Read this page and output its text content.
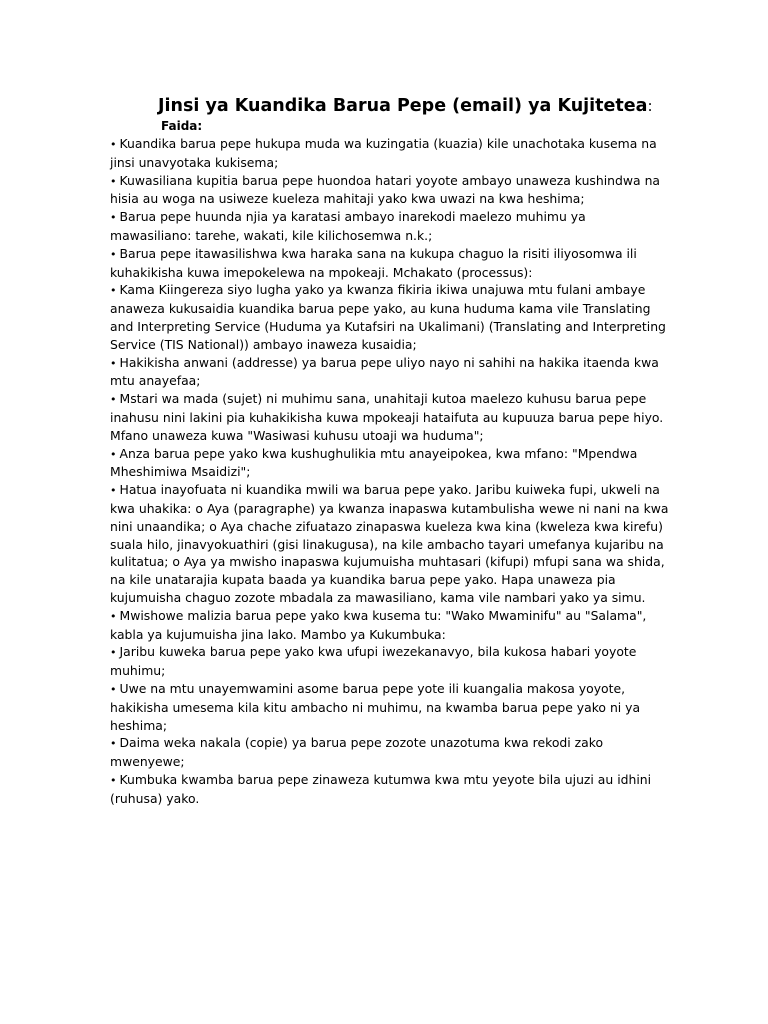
Jinsi ya Kuandika Barua Pepe (email) ya Kujitetea:
Faida:
• Kuandika barua pepe hukupa muda wa kuzingatia (kuazia) kile unachotaka kusema na jinsi unavyotaka kukisema;
• Kuwasiliana kupitia barua pepe huondoa hatari yoyote ambayo unaweza kushindwa na hisia au woga na usiweze kueleza mahitaji yako kwa uwazi na kwa heshima;
• Barua pepe huunda njia ya karatasi ambayo inarekodi maelezo muhimu ya mawasiliano: tarehe, wakati, kile kilichosemwa n.k.;
• Barua pepe itawasilishwa kwa haraka sana na kukupa chaguo la risiti iliyosomwa ili kuhakikisha kuwa imepokelewa na mpokeaji. Mchakato (processus):
• Kama Kiingereza siyo lugha yako ya kwanza fikiria ikiwa unajuwa mtu fulani ambaye anaweza kukusaidia kuandika barua pepe yako, au kuna huduma kama vile Translating and Interpreting Service (Huduma ya Kutafsiri na Ukalimani) (Translating and Interpreting Service (TIS National)) ambayo inaweza kusaidia;
• Hakikisha anwani (addresse) ya barua pepe uliyo nayo ni sahihi na hakika itaenda kwa mtu anayefaa;
• Mstari wa mada (sujet) ni muhimu sana, unahitaji kutoa maelezo kuhusu barua pepe inahusu nini lakini pia kuhakikisha kuwa mpokeaji hataifuta au kupuuza barua pepe hiyo. Mfano unaweza kuwa "Wasiwasi kuhusu utoaji wa huduma";
• Anza barua pepe yako kwa kushughulikia mtu anayeipokea, kwa mfano: "Mpendwa Mheshimiwa Msaidizi";
• Hatua inayofuata ni kuandika mwili wa barua pepe yako. Jaribu kuiweka fupi, ukweli na kwa uhakika: o Aya (paragraphe) ya kwanza inapaswa kutambulisha wewe ni nani na kwa nini unaandika; o Aya chache zifuatazo zinapaswa kueleza kwa kina (kweleza kwa kirefu) suala hilo, jinavyokuathiri (gisi linakugusa), na kile ambacho tayari umefanya kujaribu na kulitatua; o Aya ya mwisho inapaswa kujumuisha muhtasari (kifupi) mfupi sana wa shida, na kile unatarajia kupata baada ya kuandika barua pepe yako. Hapa unaweza pia kujumuisha chaguo zozote mbadala za mawasiliano, kama vile nambari yako ya simu.
• Mwishowe malizia barua pepe yako kwa kusema tu: "Wako Mwaminifu" au "Salama", kabla ya kujumuisha jina lako. Mambo ya Kukumbuka:
• Jaribu kuweka barua pepe yako kwa ufupi iwezekanavyo, bila kukosa habari yoyote muhimu;
• Uwe na mtu unayemwamini asome barua pepe yote ili kuangalia makosa yoyote, hakikisha umesema kila kitu ambacho ni muhimu, na kwamba barua pepe yako ni ya heshima;
• Daima weka nakala (copie) ya barua pepe zozote unazotuma kwa rekodi zako mwenyewe;
• Kumbuka kwamba barua pepe zinaweza kutumwa kwa mtu yeyote bila ujuzi au idhini (ruhusa) yako.
